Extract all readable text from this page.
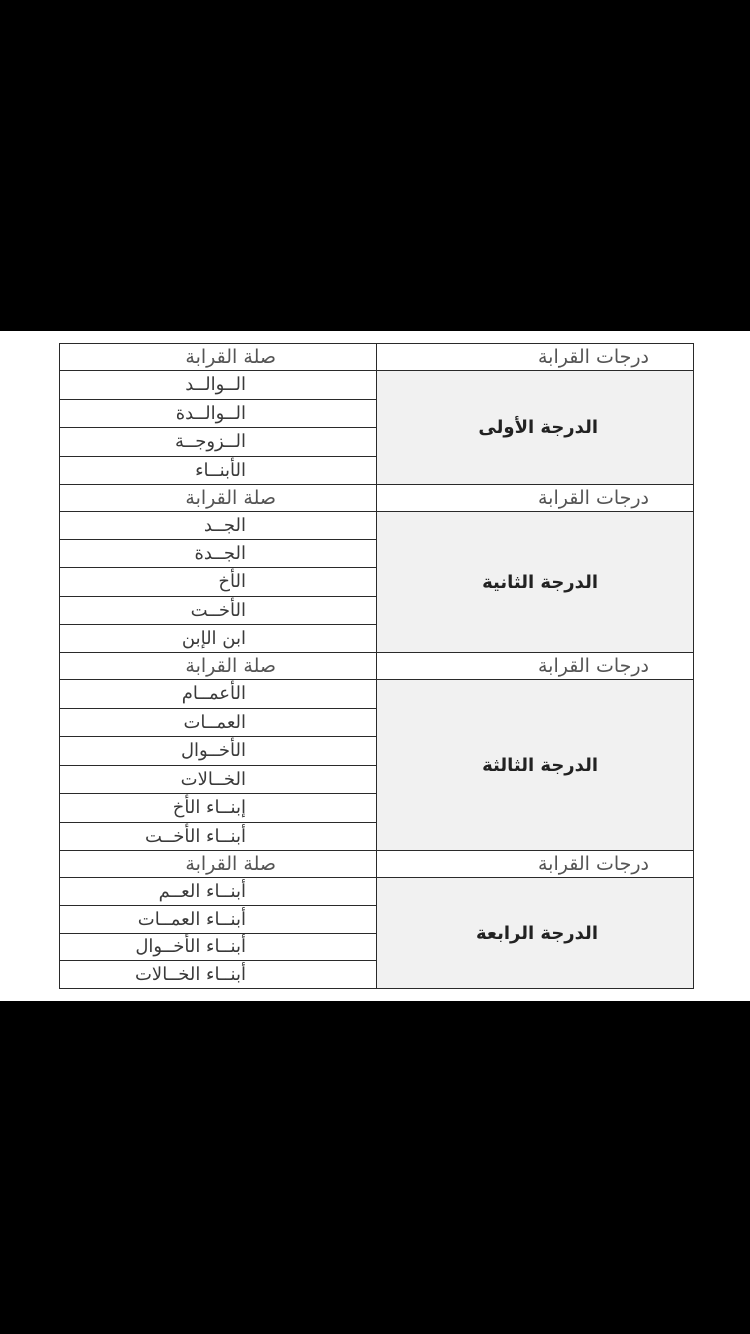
درجات القرابة	صلة القرابة
الدرجة الأولى	الــوالــد
	الــوالــدة
	الــزوجــة
	الأبنــاء
درجات القرابة	صلة القرابة
الدرجة الثانية	الجــد
	الجــدة
	الأخ
	الأخــت
	ابن الإبن
درجات القرابة	صلة القرابة
الدرجة الثالثة	الأعمــام
	العمــات
	الأخــوال
	الخــالات
	إبنــاء الأخ
	أبنــاء الأخــت
درجات القرابة	صلة القرابة
الدرجة الرابعة	أبنــاء العــم
	أبنــاء العمــات
	أبنــاء الأخــوال
	أبنــاء الخــالات
